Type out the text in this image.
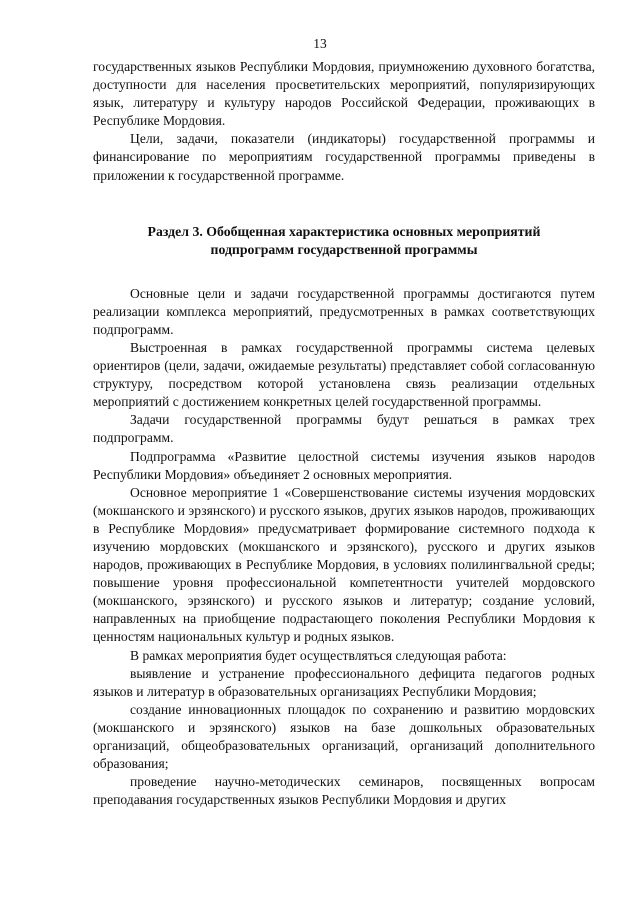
13

государственных языков Республики Мордовия, приумножению духовного богатства, доступности для населения просветительских мероприятий, популяризирующих язык, литературу и культуру народов Российской Федерации, проживающих в Республике Мордовия.

Цели, задачи, показатели (индикаторы) государственной программы и финансирование по мероприятиям государственной программы приведены в приложении к государственной программе.

Раздел 3. Обобщенная характеристика основных мероприятий
подпрограмм государственной программы

Основные цели и задачи государственной программы достигаются путем реализации комплекса мероприятий, предусмотренных в рамках соответствующих подпрограмм.

Выстроенная в рамках государственной программы система целевых ориентиров (цели, задачи, ожидаемые результаты) представляет собой согласованную структуру, посредством которой установлена связь реализации отдельных мероприятий с достижением конкретных целей государственной программы.

Задачи государственной программы будут решаться в рамках трех подпрограмм.

Подпрограмма «Развитие целостной системы изучения языков народов Республики Мордовия» объединяет 2 основных мероприятия.

Основное мероприятие 1 «Совершенствование системы изучения мордовских (мокшанского и эрзянского) и русского языков, других языков народов, проживающих в Республике Мордовия» предусматривает формирование системного подхода к изучению мордовских (мокшанского и эрзянского), русского и других языков народов, проживающих в Республике Мордовия, в условиях полилингвальной среды; повышение уровня профессиональной компетентности учителей мордовского (мокшанского, эрзянского) и русского языков и литератур; создание условий, направленных на приобщение подрастающего поколения Республики Мордовия к ценностям национальных культур и родных языков.

В рамках мероприятия будет осуществляться следующая работа:

выявление и устранение профессионального дефицита педагогов родных языков и литератур в образовательных организациях Республики Мордовия;

создание инновационных площадок по сохранению и развитию мордовских (мокшанского и эрзянского) языков на базе дошкольных образовательных организаций, общеобразовательных организаций, организаций дополнительного образования;

проведение научно-методических семинаров, посвященных вопросам преподавания государственных языков Республики Мордовия и других
